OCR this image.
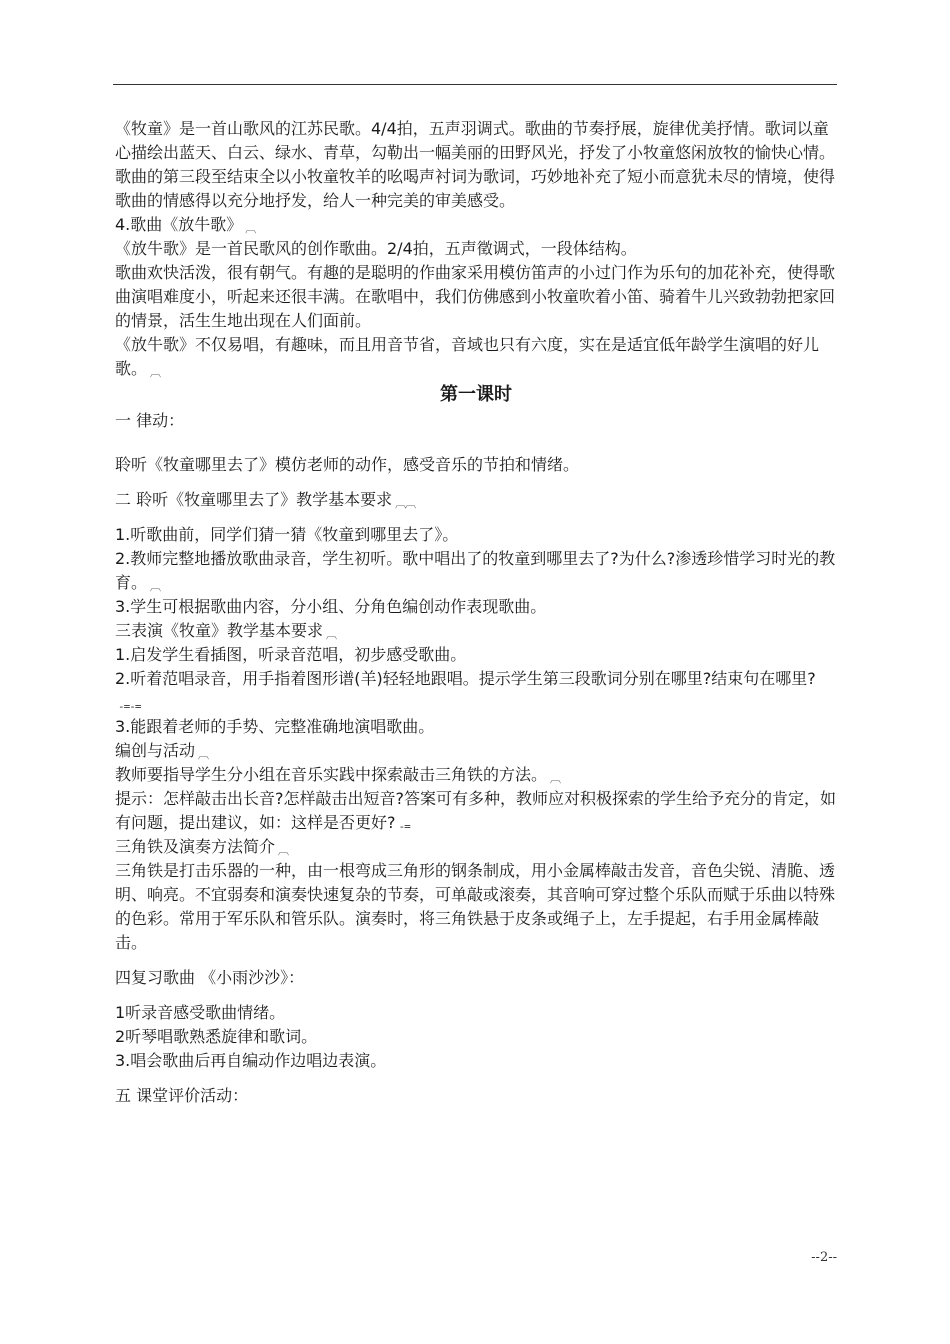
《牧童》是一首山歌风的江苏民歌。4/4拍，五声羽调式。歌曲的节奏抒展，旋律优美抒情。歌词以童心描绘出蓝天、白云、绿水、青草，勾勒出一幅美丽的田野风光，抒发了小牧童悠闲放牧的愉快心情。歌曲的第三段至结束全以小牧童牧羊的吆喝声衬词为歌词，巧妙地补充了短小而意犹未尽的情境，使得歌曲的情感得以充分地抒发，给人一种完美的审美感受。

4.歌曲《放牛歌》 ︹

《放牛歌》是一首民歌风的创作歌曲。2/4拍，五声徵调式，一段体结构。

歌曲欢快活泼，很有朝气。有趣的是聪明的作曲家采用模仿笛声的小过门作为乐句的加花补充，使得歌曲演唱难度小，听起来还很丰满。在歌唱中，我们仿佛感到小牧童吹着小笛、骑着牛儿兴致勃勃把家回的情景，活生生地出现在人们面前。

《放牛歌》不仅易唱，有趣味，而且用音节省，音域也只有六度，实在是适宜低年龄学生演唱的好儿歌。 ︹

第一课时

一 律动：

聆听《牧童哪里去了》模仿老师的动作，感受音乐的节拍和情绪。

二 聆听《牧童哪里去了》教学基本要求 ︹︹

1.听歌曲前，同学们猜一猜《牧童到哪里去了》。

2.教师完整地播放歌曲录音，学生初听。歌中唱出了的牧童到哪里去了?为什么?渗透珍惜学习时光的教育。 ︹

3.学生可根据歌曲内容，分小组、分角色编创动作表现歌曲。

三表演《牧童》教学基本要求 ︹

1.启发学生看插图，听录音范唱，初步感受歌曲。

2.听着范唱录音，用手指着图形谱(羊)轻轻地跟唱。提示学生第三段歌词分别在哪里?结束句在哪里?-=-=

3.能跟着老师的手势、完整准确地演唱歌曲。

编创与活动 ︹

教师要指导学生分小组在音乐实践中探索敲击三角铁的方法。 ︹

提示：怎样敲击出长音?怎样敲击出短音?答案可有多种，教师应对积极探索的学生给予充分的肯定，如有问题，提出建议，如：这样是否更好? -=

三角铁及演奏方法简介 ︹

三角铁是打击乐器的一种，由一根弯成三角形的钢条制成，用小金属棒敲击发音，音色尖锐、清脆、透明、响亮。不宜弱奏和演奏快速复杂的节奏，可单敲或滚奏，其音响可穿过整个乐队而赋于乐曲以特殊的色彩。常用于军乐队和管乐队。演奏时，将三角铁悬于皮条或绳子上，左手提起，右手用金属棒敲击。

四复习歌曲 《小雨沙沙》：

1听录音感受歌曲情绪。

2听琴唱歌熟悉旋律和歌词。

3.唱会歌曲后再自编动作边唱边表演。

五 课堂评价活动：

--2--
